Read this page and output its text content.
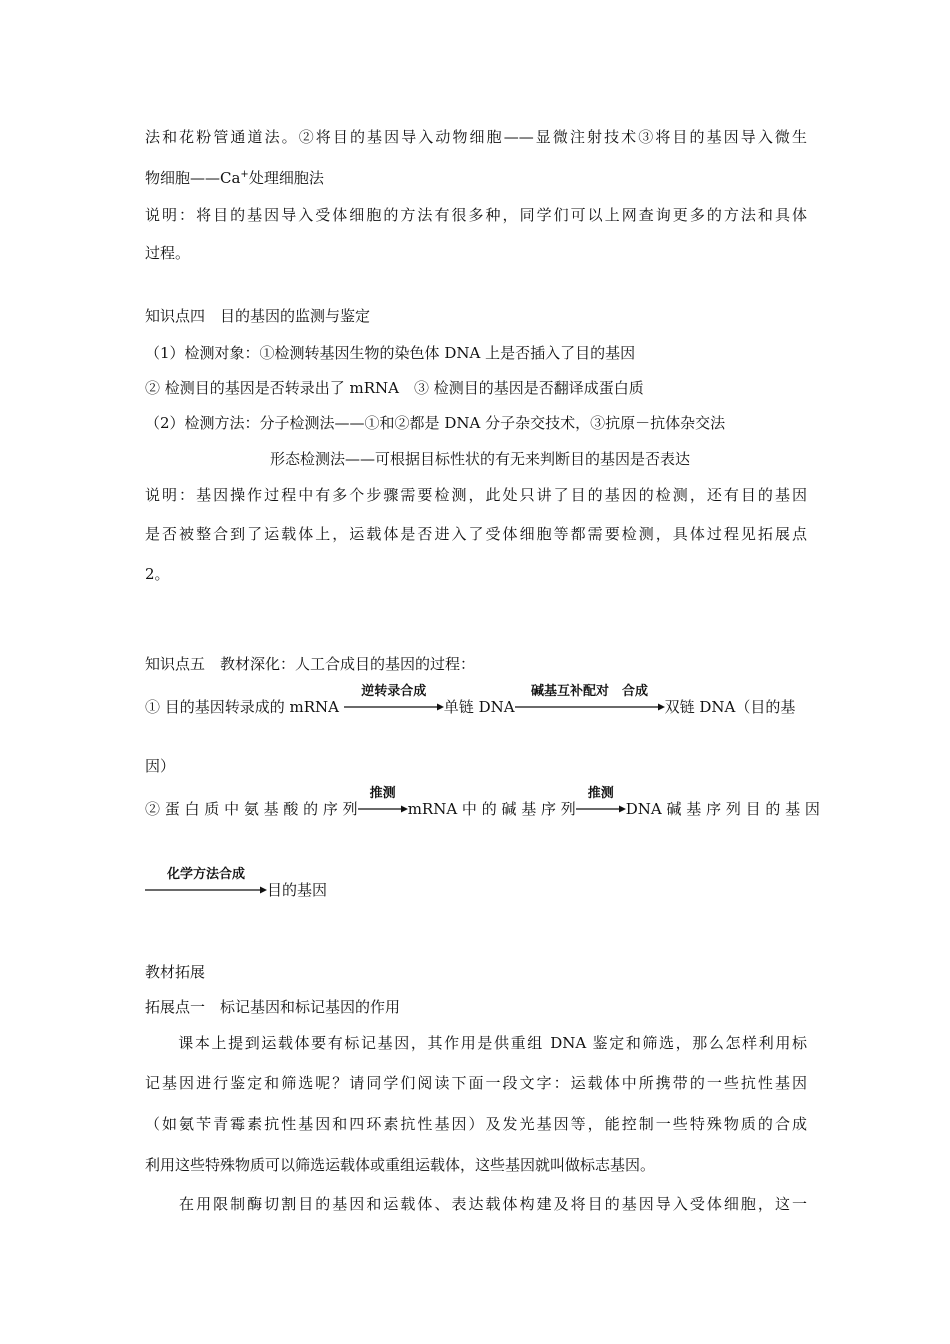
法和花粉管通道法。②将目的基因导入动物细胞——显微注射技术③将目的基因导入微生
物细胞——Ca+处理细胞法
说明：将目的基因导入受体细胞的方法有很多种，同学们可以上网查询更多的方法和具体
过程。
知识点四　目的基因的监测与鉴定
（1）检测对象：①检测转基因生物的染色体 DNA 上是否插入了目的基因
② 检测目的基因是否转录出了 mRNA　③ 检测目的基因是否翻译成蛋白质
（2）检测方法：分子检测法——①和②都是 DNA 分子杂交技术，③抗原－抗体杂交法
形态检测法——可根据目标性状的有无来判断目的基因是否表达
说明：基因操作过程中有多个步骤需要检测，此处只讲了目的基因的检测，还有目的基因
是否被整合到了运载体上，运载体是否进入了受体细胞等都需要检测，具体过程见拓展点
2。
知识点五　教材深化：人工合成目的基因的过程：
① 目的基因转录成的 mRNA
逆转录合成
单链 DNA
碱基互补配对　合成
双链 DNA（目的基
因）
② 蛋 白 质 中 氨 基 酸 的 序 列
推测
mRNA 中 的 碱 基 序 列
推测
DNA 碱 基 序 列 目 的 基 因
化学方法合成
目的基因
教材拓展
拓展点一　标记基因和标记基因的作用
　　课本上提到运载体要有标记基因，其作用是供重组 DNA 鉴定和筛选，那么怎样利用标
记基因进行鉴定和筛选呢？请同学们阅读下面一段文字：运载体中所携带的一些抗性基因
（如氨苄青霉素抗性基因和四环素抗性基因）及发光基因等，能控制一些特殊物质的合成
利用这些特殊物质可以筛选运载体或重组运载体，这些基因就叫做标志基因。
　　在用限制酶切割目的基因和运载体、表达载体构建及将目的基因导入受体细胞，这一
